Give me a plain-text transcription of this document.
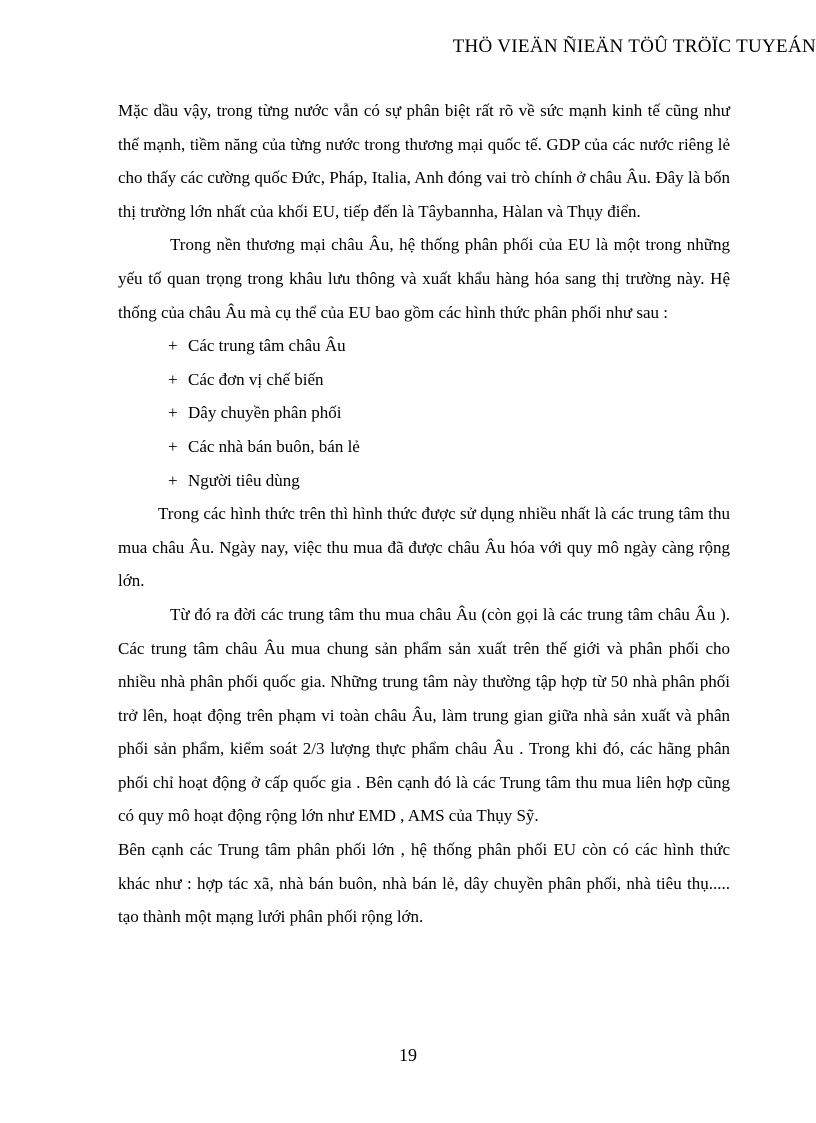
THÖ VIEÄN ÑIEÄN TÖÛ TRÖÏC TUYEÁN

Mặc dầu vậy, trong từng nước vẫn có sự phân biệt rất rõ về sức mạnh kinh tế cũng như thế mạnh, tiềm năng của từng nước trong thương mại quốc tế. GDP của các nước riêng lẻ cho thấy các cường quốc Đức, Pháp, Italia, Anh đóng vai trò chính ở châu Âu. Đây là bốn thị trường lớn nhất của khối EU, tiếp đến là Tâybannha, Hàlan và Thụy điển.

Trong nền thương mại châu Âu, hệ thống phân phối của EU là một trong những yếu tố quan trọng trong khâu lưu thông và xuất khẩu hàng hóa sang thị trường này. Hệ thống của châu Âu mà cụ thể của EU bao gồm các hình thức phân phối như sau :

+ Các trung tâm châu Âu
+ Các đơn vị chế biến
+ Dây chuyền phân phối
+ Các nhà bán buôn, bán lẻ
+ Người tiêu dùng

Trong các hình thức trên thì hình thức được sử dụng nhiều nhất là các trung tâm thu mua châu Âu. Ngày nay, việc thu mua đã được châu Âu hóa với quy mô ngày càng rộng lớn.

Từ đó ra đời các trung tâm thu mua châu Âu (còn gọi là các trung tâm châu Âu ). Các trung tâm châu Âu mua chung sản phẩm sản xuất trên thế giới và phân phối cho nhiều nhà phân phối quốc gia. Những trung tâm này thường tập hợp từ 50 nhà phân phối trở lên, hoạt động trên phạm vi toàn châu Âu, làm trung gian giữa nhà sản xuất và phân phối sản phẩm, kiểm soát 2/3 lượng thực phẩm châu Âu . Trong khi đó, các hãng phân phối chỉ hoạt động ở cấp quốc gia . Bên cạnh đó là các Trung tâm thu mua liên hợp cũng có quy mô hoạt động rộng lớn như EMD , AMS của Thụy Sỹ.

Bên cạnh các Trung tâm phân phối lớn , hệ thống phân phối EU còn có các hình thức khác như : hợp tác xã, nhà bán buôn, nhà bán lẻ, dây chuyền phân phối, nhà tiêu thụ..... tạo thành một mạng lưới phân phối rộng lớn.

19
